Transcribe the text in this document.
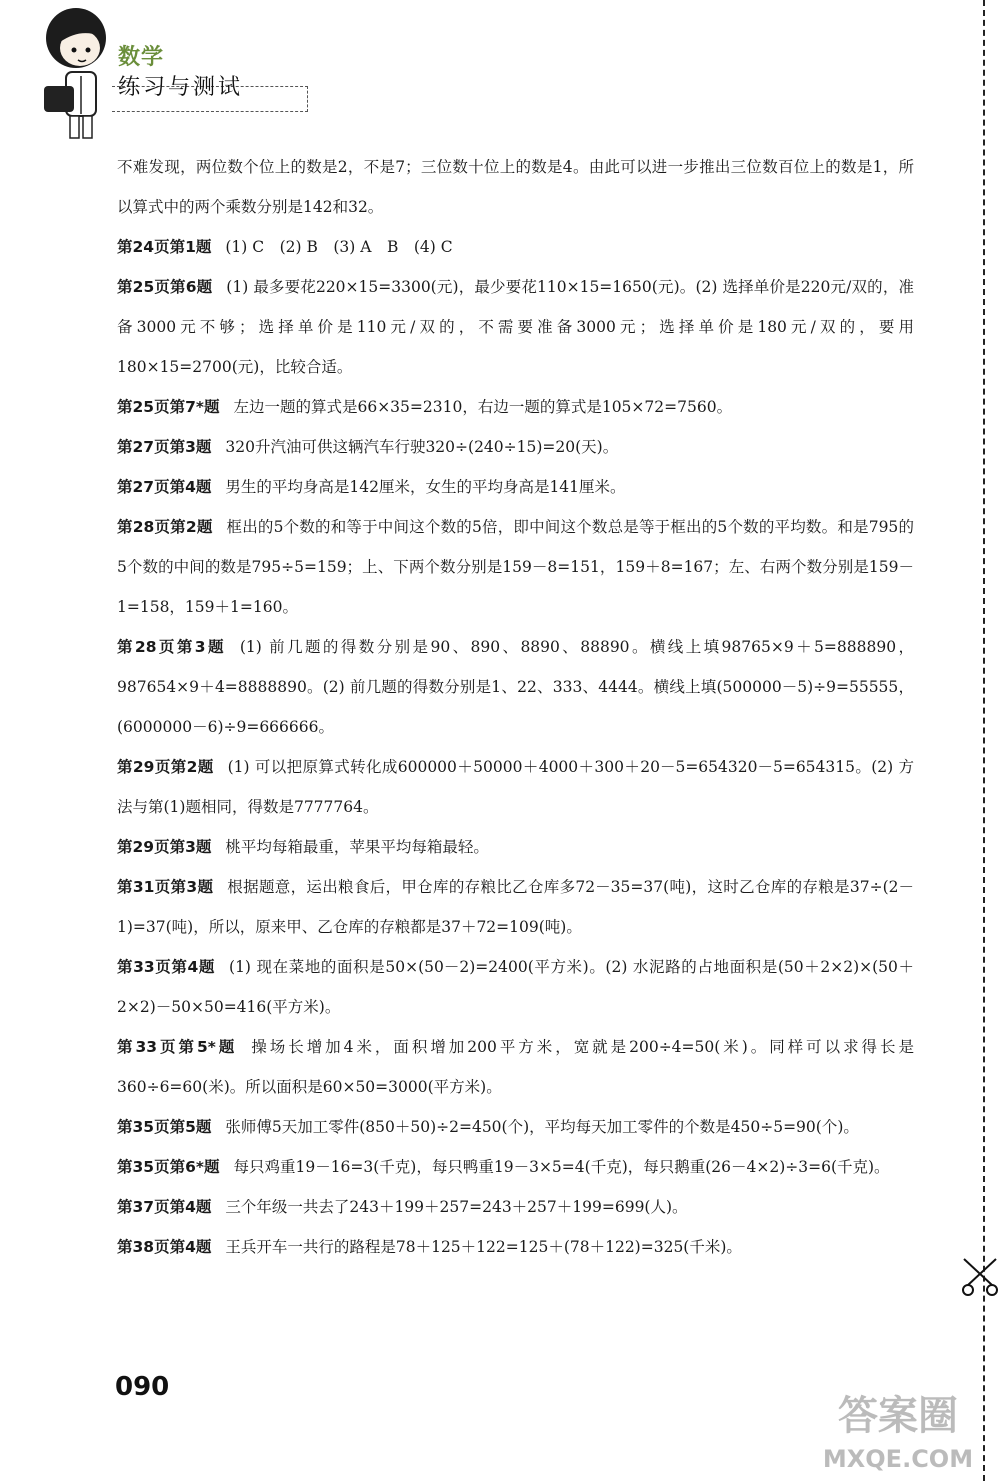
数学
练习与测试

不难发现，两位数个位上的数是2，不是7；三位数十位上的数是4。由此可以进一步推出三位数百位上的数是1，所以算式中的两个乘数分别是142和32。

第24页第1题 (1) C　(2) B　(3) A　B　(4) C

第25页第6题 (1) 最多要花220×15=3300(元)，最少要花110×15=1650(元)。(2) 选择单价是220元/双的，准备3000元不够；选择单价是110元/双的，不需要准备3000元；选择单价是180元/双的，要用180×15=2700(元)，比较合适。

第25页第7*题 左边一题的算式是66×35=2310，右边一题的算式是105×72=7560。

第27页第3题 320升汽油可供这辆汽车行驶320÷(240÷15)=20(天)。

第27页第4题 男生的平均身高是142厘米，女生的平均身高是141厘米。

第28页第2题 框出的5个数的和等于中间这个数的5倍，即中间这个数总是等于框出的5个数的平均数。和是795的5个数的中间的数是795÷5=159；上、下两个数分别是159－8=151，159＋8=167；左、右两个数分别是159－1=158，159＋1=160。

第28页第3题 (1) 前几题的得数分别是90、890、8890、88890。横线上填98765×9＋5=888890，987654×9＋4=8888890。(2) 前几题的得数分别是1、22、333、4444。横线上填(500000－5)÷9=55555，(6000000－6)÷9=666666。

第29页第2题 (1) 可以把原算式转化成600000＋50000＋4000＋300＋20－5=654320－5=654315。(2) 方法与第(1)题相同，得数是7777764。

第29页第3题 桃平均每箱最重，苹果平均每箱最轻。

第31页第3题 根据题意，运出粮食后，甲仓库的存粮比乙仓库多72－35=37(吨)，这时乙仓库的存粮是37÷(2－1)=37(吨)，所以，原来甲、乙仓库的存粮都是37＋72=109(吨)。

第33页第4题 (1) 现在菜地的面积是50×(50－2)=2400(平方米)。(2) 水泥路的占地面积是(50＋2×2)×(50＋2×2)－50×50=416(平方米)。

第33页第5*题 操场长增加4米，面积增加200平方米，宽就是200÷4=50(米)。同样可以求得长是360÷6=60(米)。所以面积是60×50=3000(平方米)。

第35页第5题 张师傅5天加工零件(850＋50)÷2=450(个)，平均每天加工零件的个数是450÷5=90(个)。

第35页第6*题 每只鸡重19－16=3(千克)，每只鸭重19－3×5=4(千克)，每只鹅重(26－4×2)÷3=6(千克)。

第37页第4题 三个年级一共去了243＋199＋257=243＋257＋199=699(人)。

第38页第4题 王兵开车一共行的路程是78＋125＋122=125＋(78＋122)=325(千米)。

090
答案圈
MXQE.COM
